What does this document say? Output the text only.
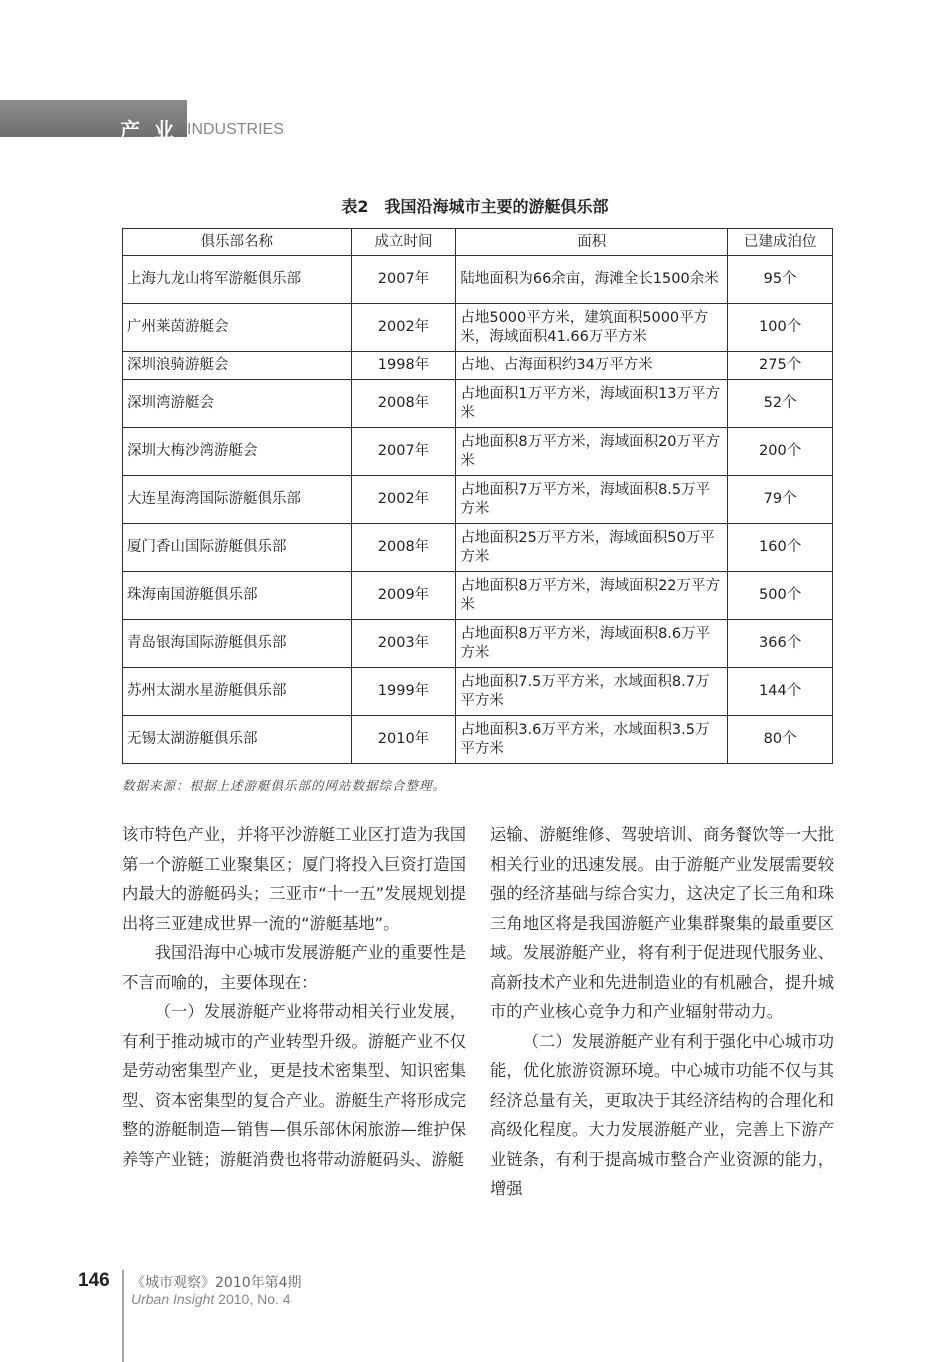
产业 INDUSTRIES
表2　我国沿海城市主要的游艇俱乐部
俱乐部名称	成立时间	面积	已建成泊位
上海九龙山将军游艇俱乐部	2007年	陆地面积为66余亩，海滩全长1500余米	95个
广州莱茵游艇会	2002年	占地5000平方米，建筑面积5000平方米，海域面积41.66万平方米	100个
深圳浪骑游艇会	1998年	占地、占海面积约34万平方米	275个
深圳湾游艇会	2008年	占地面积1万平方米，海域面积13万平方米	52个
深圳大梅沙湾游艇会	2007年	占地面积8万平方米，海域面积20万平方米	200个
大连星海湾国际游艇俱乐部	2002年	占地面积7万平方米，海域面积8.5万平方米	79个
厦门香山国际游艇俱乐部	2008年	占地面积25万平方米，海域面积50万平方米	160个
珠海南国游艇俱乐部	2009年	占地面积8万平方米，海域面积22万平方米	500个
青岛银海国际游艇俱乐部	2003年	占地面积8万平方米，海域面积8.6万平方米	366个
苏州太湖水星游艇俱乐部	1999年	占地面积7.5万平方米，水域面积8.7万平方米	144个
无锡太湖游艇俱乐部	2010年	占地面积3.6万平方米，水域面积3.5万平方米	80个
数据来源：根据上述游艇俱乐部的网站数据综合整理。

该市特色产业，并将平沙游艇工业区打造为我国第一个游艇工业聚集区；厦门将投入巨资打造国内最大的游艇码头；三亚市“十一五”发展规划提出将三亚建成世界一流的“游艇基地”。

我国沿海中心城市发展游艇产业的重要性是不言而喻的，主要体现在：

（一）发展游艇产业将带动相关行业发展，有利于推动城市的产业转型升级。游艇产业不仅是劳动密集型产业，更是技术密集型、知识密集型、资本密集型的复合产业。游艇生产将形成完整的游艇制造—销售—俱乐部休闲旅游—维护保养等产业链；游艇消费也将带动游艇码头、游艇

运输、游艇维修、驾驶培训、商务餐饮等一大批相关行业的迅速发展。由于游艇产业发展需要较强的经济基础与综合实力，这决定了长三角和珠三角地区将是我国游艇产业集群聚集的最重要区域。发展游艇产业，将有利于促进现代服务业、高新技术产业和先进制造业的有机融合，提升城市的产业核心竞争力和产业辐射带动力。

（二）发展游艇产业有利于强化中心城市功能，优化旅游资源环境。中心城市功能不仅与其经济总量有关，更取决于其经济结构的合理化和高级化程度。大力发展游艇产业，完善上下游产业链条，有利于提高城市整合产业资源的能力，增强

146 《城市观察》2010年第4期
Urban Insight 2010, No. 4
